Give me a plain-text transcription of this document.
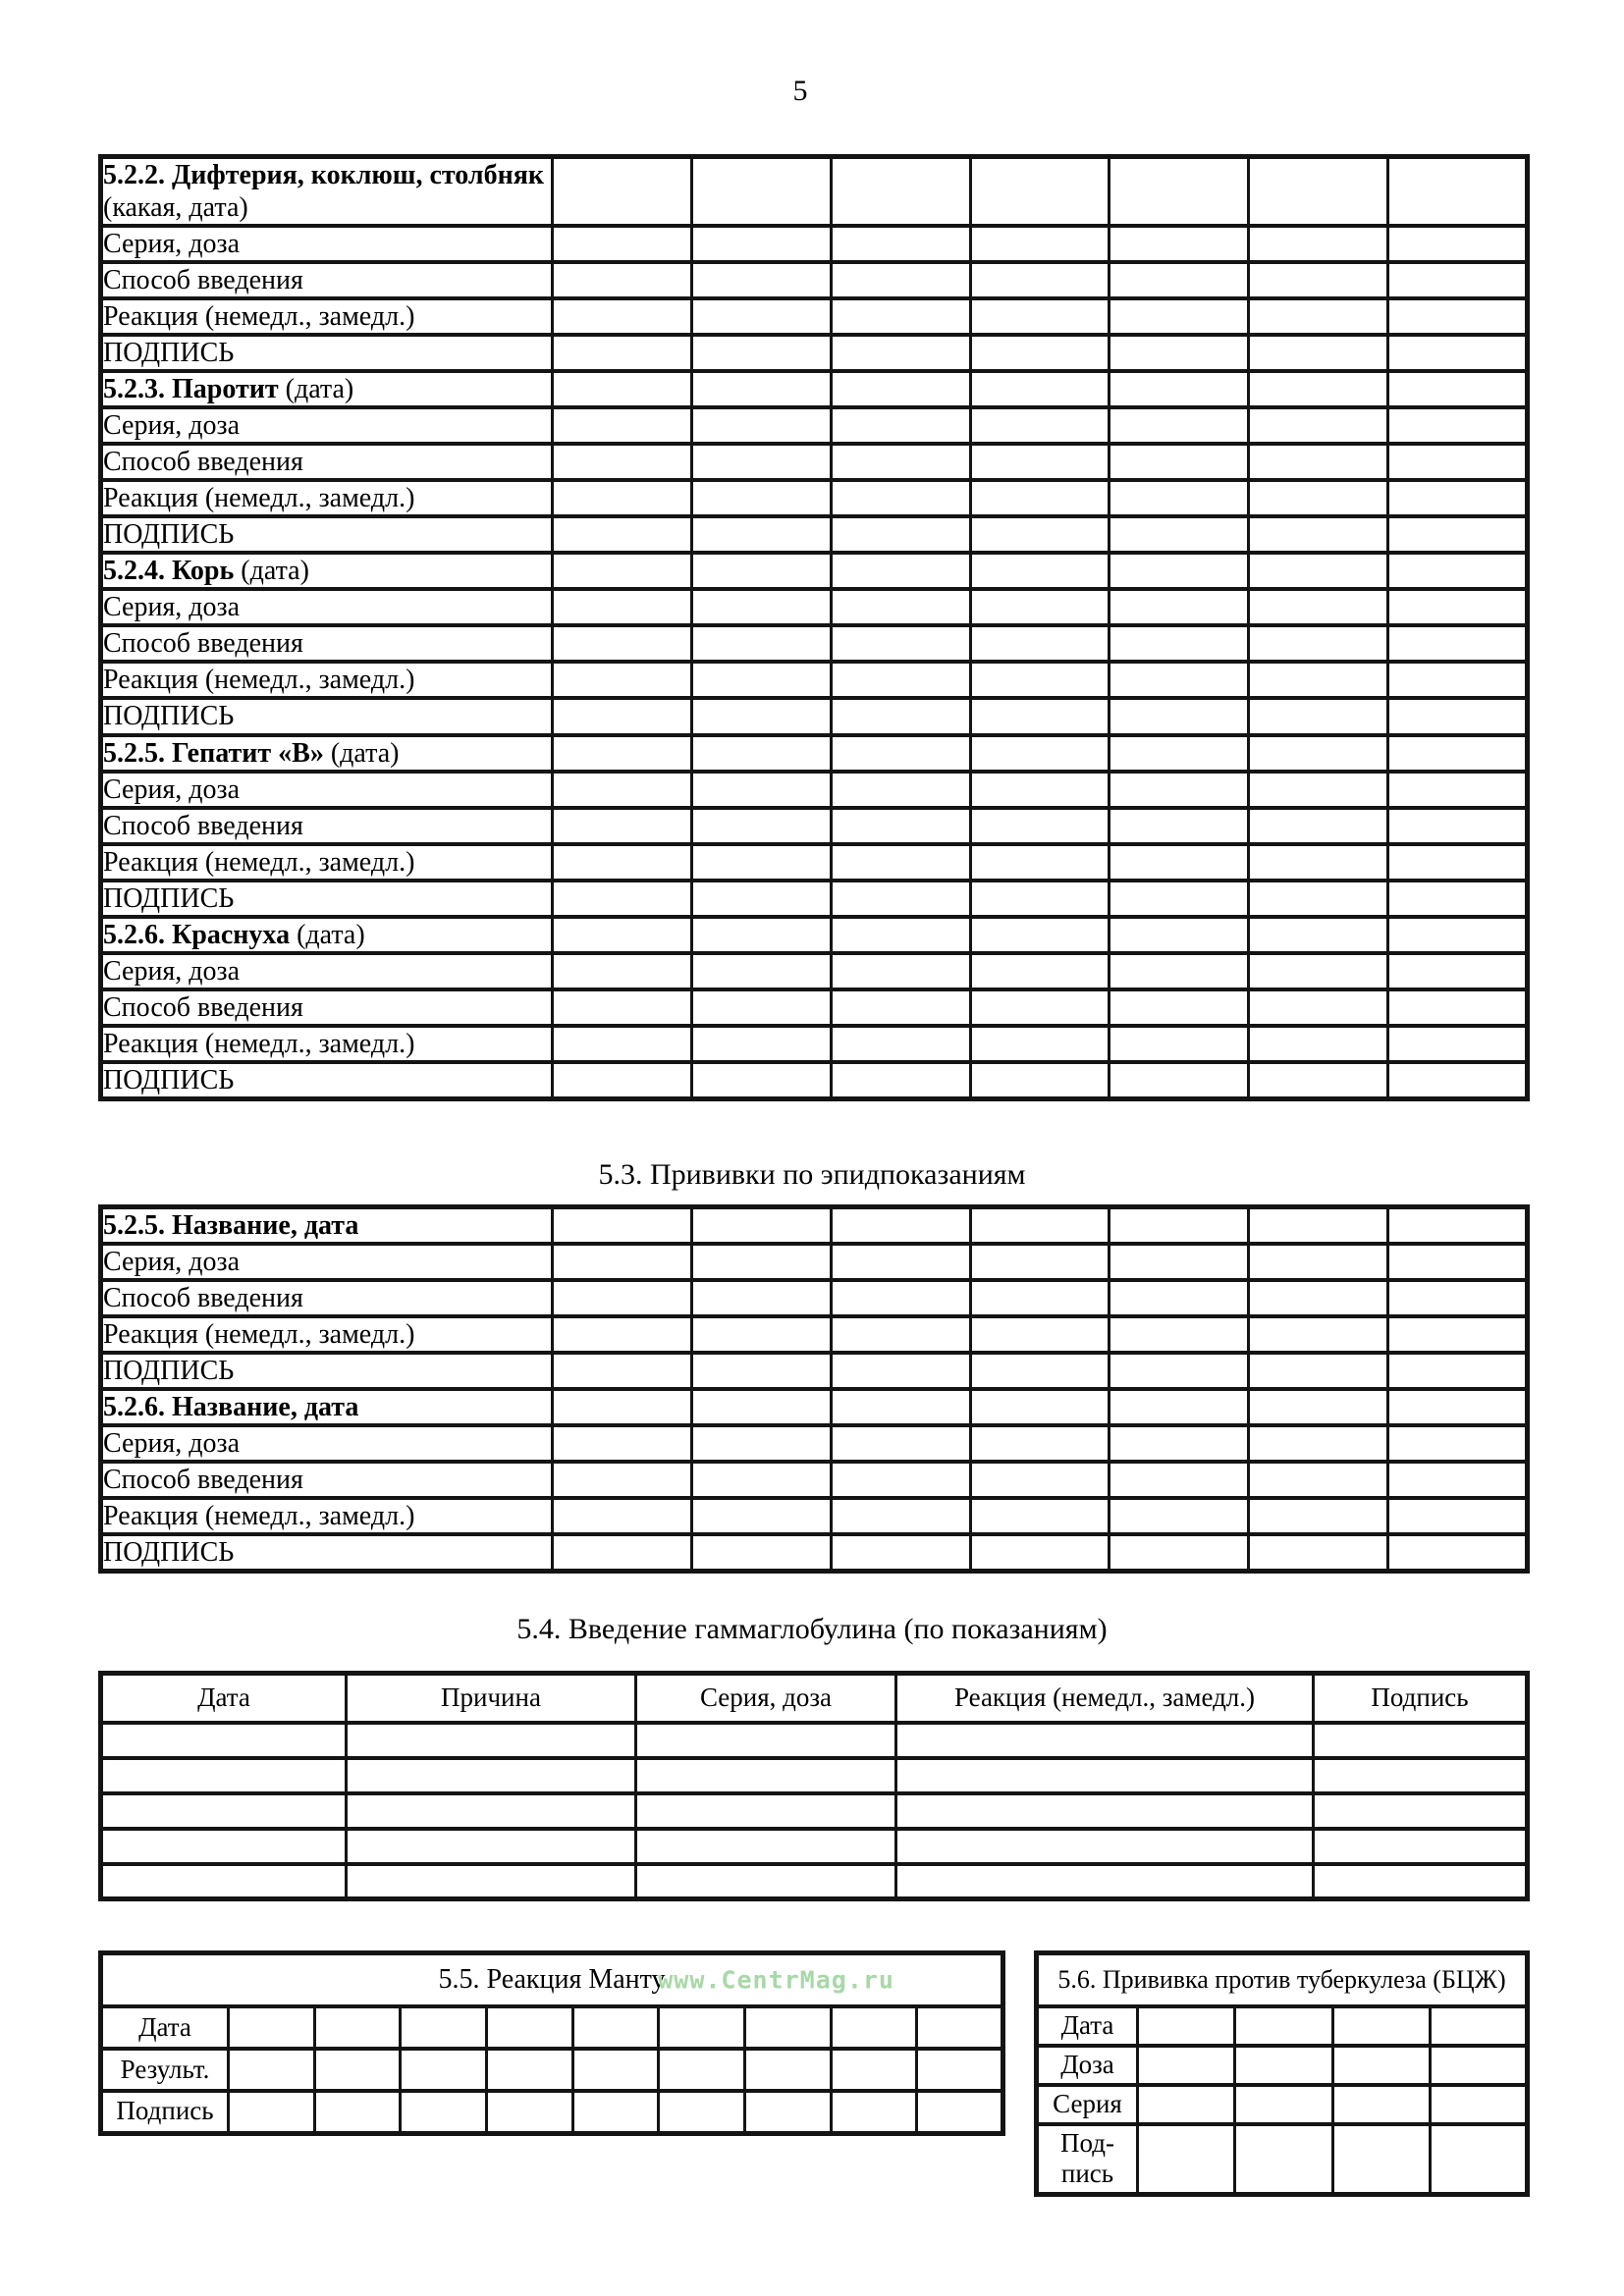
5
5.2.2. Дифтерия, коклюш, столбняк (какая, дата)							
Серия, доза							
Способ введения							
Реакция (немедл., замедл.)							
ПОДПИСЬ							
5.2.3. Паротит (дата)							
Серия, доза							
Способ введения							
Реакция (немедл., замедл.)							
ПОДПИСЬ							
5.2.4. Корь (дата)							
Серия, доза							
Способ введения							
Реакция (немедл., замедл.)							
ПОДПИСЬ							
5.2.5. Гепатит «В» (дата)							
Серия, доза							
Способ введения							
Реакция (немедл., замедл.)							
ПОДПИСЬ							
5.2.6. Краснуха (дата)							
Серия, доза							
Способ введения							
Реакция (немедл., замедл.)							
ПОДПИСЬ							
5.3. Прививки по эпидпоказаниям
5.2.5. Название, дата							
Серия, доза							
Способ введения							
Реакция (немедл., замедл.)							
ПОДПИСЬ							
5.2.6. Название, дата							
Серия, доза							
Способ введения							
Реакция (немедл., замедл.)							
ПОДПИСЬ							
5.4. Введение гаммаглобулина (по показаниям)
Дата	Причина	Серия, доза	Реакция (немедл., замедл.)	Подпись

5.5. Реакция Манту
www.CentrMag.ru									

Дата									
Результ.									
Подпись									
5.6. Прививка против туберкулеза (БЦЖ)				
Дата				
Доза				
Серия				
Под-
пись				
